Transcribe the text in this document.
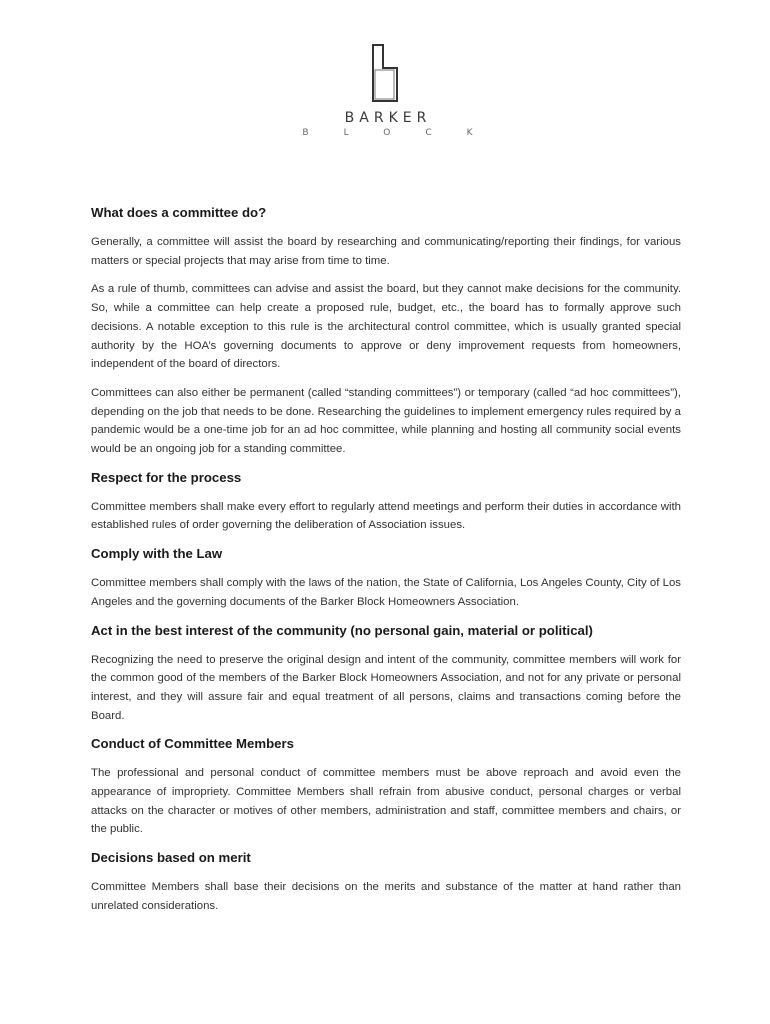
BARKER
BLOCK
What does a committee do?

Generally, a committee will assist the board by researching and communicating/reporting their findings, for various matters or special projects that may arise from time to time.

As a rule of thumb, committees can advise and assist the board, but they cannot make decisions for the community. So, while a committee can help create a proposed rule, budget, etc., the board has to formally approve such decisions. A notable exception to this rule is the architectural control committee, which is usually granted special authority by the HOA’s governing documents to approve or deny improvement requests from homeowners, independent of the board of directors.

Committees can also either be permanent (called “standing committees”) or temporary (called “ad hoc committees”), depending on the job that needs to be done. Researching the guidelines to implement emergency rules required by a pandemic would be a one-time job for an ad hoc committee, while planning and hosting all community social events would be an ongoing job for a standing committee.

Respect for the process

Committee members shall make every effort to regularly attend meetings and perform their duties in accordance with established rules of order governing the deliberation of Association issues.

Comply with the Law

Committee members shall comply with the laws of the nation, the State of California, Los Angeles County, City of Los Angeles and the governing documents of the Barker Block Homeowners Association.

Act in the best interest of the community (no personal gain, material or political)

Recognizing the need to preserve the original design and intent of the community, committee members will work for the common good of the members of the Barker Block Homeowners Association, and not for any private or personal interest, and they will assure fair and equal treatment of all persons, claims and transactions coming before the Board.

Conduct of Committee Members

The professional and personal conduct of committee members must be above reproach and avoid even the appearance of impropriety. Committee Members shall refrain from abusive conduct, personal charges or verbal attacks on the character or motives of other members, administration and staff, committee members and chairs, or the public.

Decisions based on merit

Committee Members shall base their decisions on the merits and substance of the matter at hand rather than unrelated considerations.
